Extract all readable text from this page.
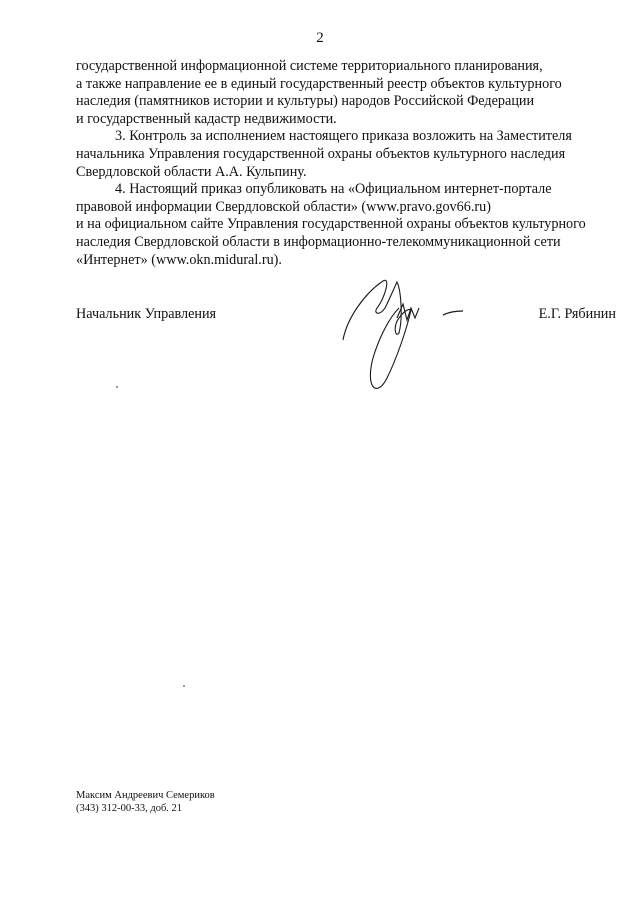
2

государственной информационной системе территориального планирования,

а также направление ее в единый государственный реестр объектов культурного

наследия (памятников истории и культуры) народов Российской Федерации

и государственный кадастр недвижимости.

3. Контроль за исполнением настоящего приказа возложить на Заместителя

начальника Управления государственной охраны объектов культурного наследия

Свердловской области А.А. Кульпину.

4. Настоящий приказ опубликовать на «Официальном интернет-портале

правовой информации Свердловской области» (www.pravo.gov66.ru)

и на официальном сайте Управления государственной охраны объектов культурного

наследия Свердловской области в информационно-телекоммуникационной сети

«Интернет» (www.okn.midural.ru).

Начальник Управления	Е.Г. Рябинин
Максим Андреевич Семериков
(343) 312-00-33, доб. 21
